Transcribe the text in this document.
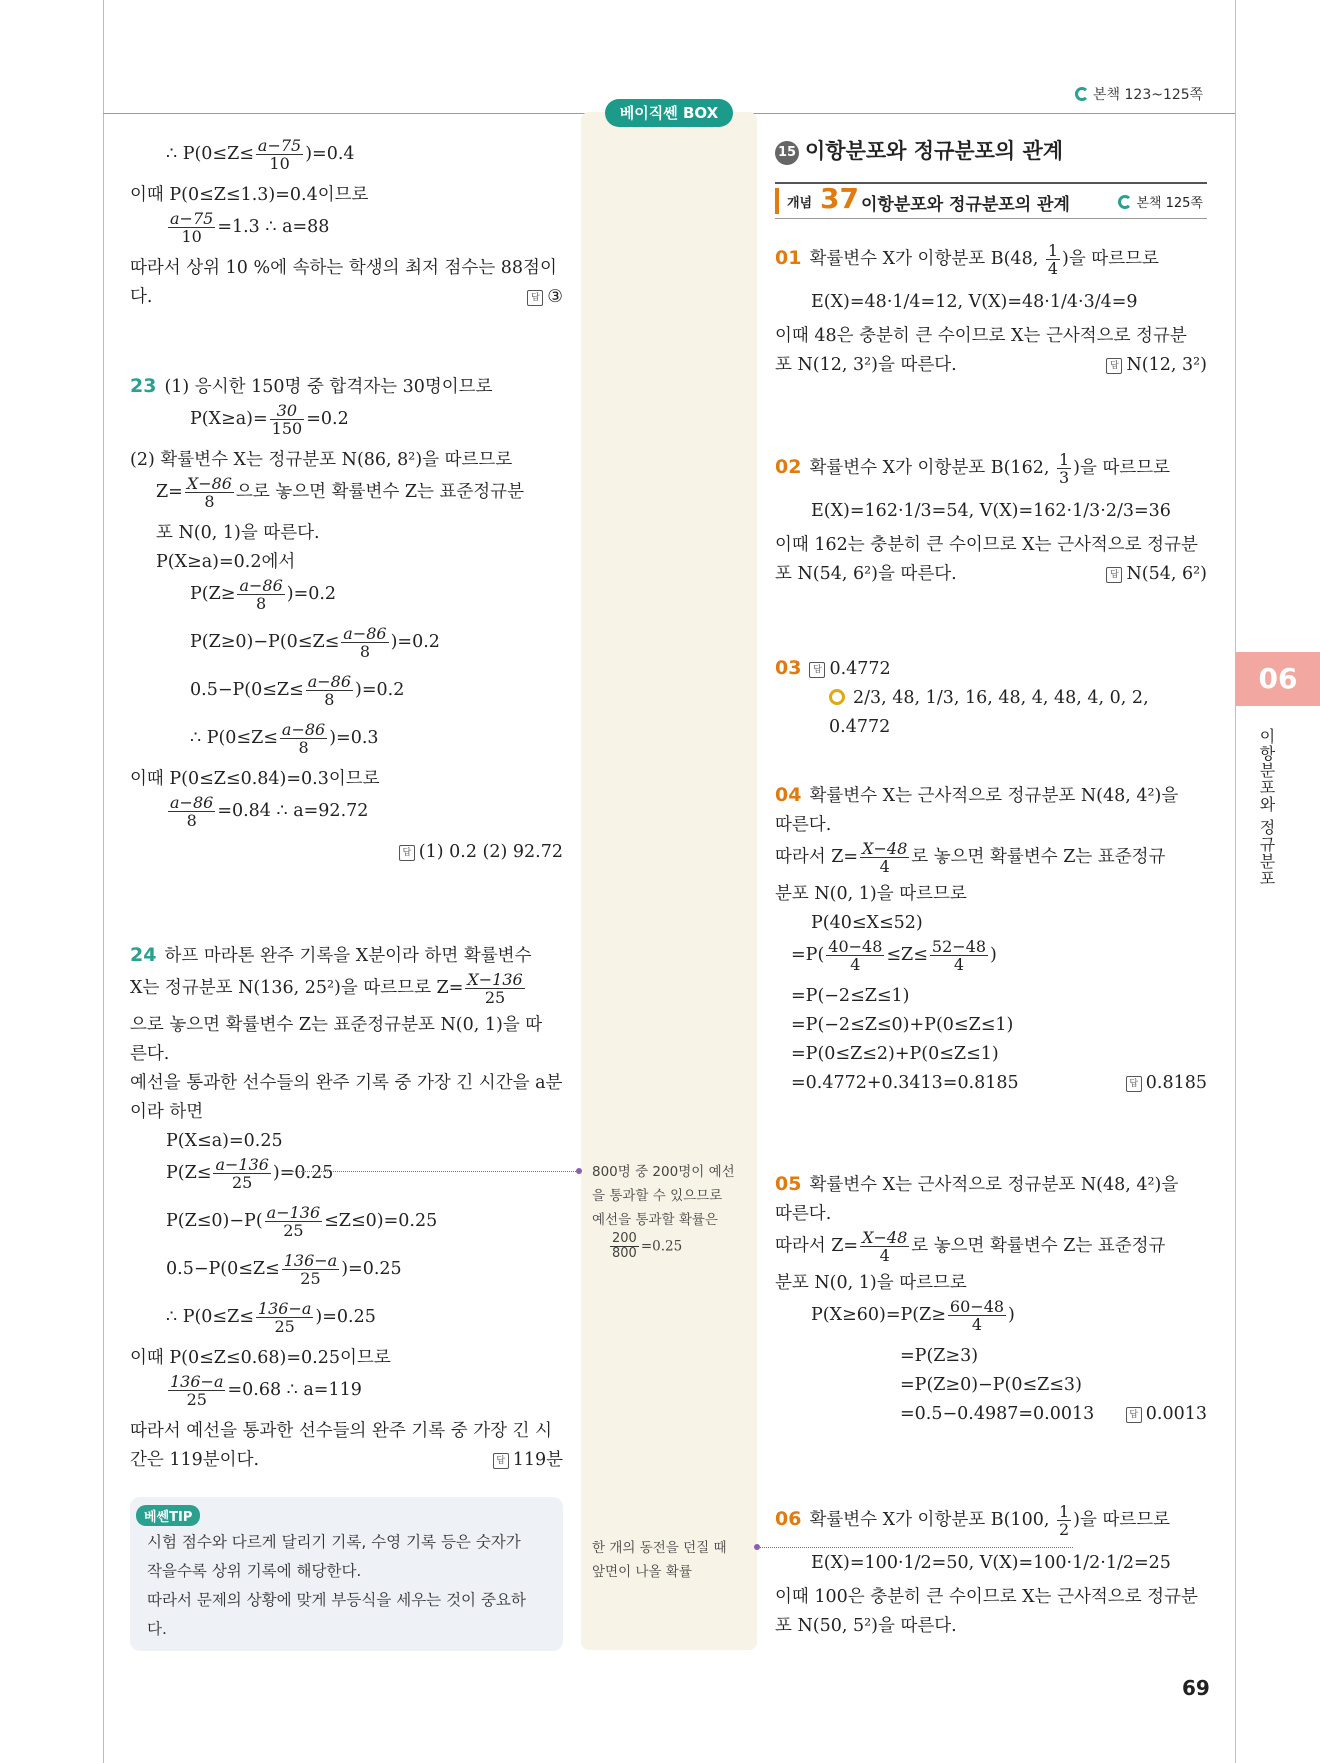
본책 123~125쪽
베이직쎈 BOX
∴ $P(0\le Z\le \frac{a-75}{10} )=0.4$
이때 P(0≤Z≤1.3)=0.4이므로
$\frac{a-75}{10} =1.3$ ∴ a=88
따라서 상위 10 %에 속하는 학생의 최저 점수는 88점이
다.	답 ③
23 (1) 응시한 150명 중 합격자는 30명이므로
$P(X\ge a)= \frac{30}{150} =0.2$
(2) 확률변수 X는 정규분포 N(86, 8²)을 따르므로
$Z= \frac{X-86}{8}$ 으로 놓으면 확률변수 Z는 표준정규분
포 N(0, 1)을 따른다.
P(X≥a)=0.2에서
$P(Z\ge \frac{a-86}{8} )=0.2$
$P(Z\ge 0)-P(0\le Z\le \frac{a-86}{8} )=0.2$
$0.5-P(0\le Z\le \frac{a-86}{8} )=0.2$
∴ $P(0\le Z\le \frac{a-86}{8} )=0.3$
이때 P(0≤Z≤0.84)=0.3이므로
$\frac{a-86}{8} =0.84$ ∴ a=92.72
답 (1) 0.2 (2) 92.72
24 하프 마라톤 완주 기록을 X분이라 하면 확률변수
X는 정규분포 N(136, 25²)을 따르므로 $Z= \frac{X-136}{25}$
으로 놓으면 확률변수 Z는 표준정규분포 N(0, 1)을 따
른다.
예선을 통과한 선수들의 완주 기록 중 가장 긴 시간을 a분
이라 하면
P(X≤a)=0.25
$P(Z\le \frac{a-136}{25} )=0.25$
$P(Z\le 0)-P( \frac{a-136}{25} \le Z\le 0)=0.25$
$0.5-P(0\le Z\le \frac{136-a}{25} )=0.25$
∴ $P(0\le Z\le \frac{136-a}{25} )=0.25$
이때 P(0≤Z≤0.68)=0.25이므로
$\frac{136-a}{25} =0.68$ ∴ a=119
따라서 예선을 통과한 선수들의 완주 기록 중 가장 긴 시
간은 119분이다.	답 119분
베쎈TIP
시험 점수와 다르게 달리기 기록, 수영 기록 등은 숫자가
작을수록 상위 기록에 해당한다.
따라서 문제의 상황에 맞게 부등식을 세우는 것이 중요하
다.
800명 중 200명이 예선
을 통과할 수 있으므로
예선을 통과할 확률은
$\frac{200}{800} =0.25$
한 개의 동전을 던질 때
앞면이 나올 확률
15 이항분포와 정규분포의 관계
개념 37 이항분포와 정규분포의 관계	본책 125쪽
01 확률변수 X가 이항분포 B(48, $\frac{1}{4}$ )을 따르므로
E(X)=48·1/4=12, V(X)=48·1/4·3/4=9
이때 48은 충분히 큰 수이므로 X는 근사적으로 정규분
포 N(12, 3²)을 따른다.	답 N(12, 3²)
02 확률변수 X가 이항분포 B(162, $\frac{1}{3}$ )을 따르므로
E(X)=162·1/3=54, V(X)=162·1/3·2/3=36
이때 162는 충분히 큰 수이므로 X는 근사적으로 정규분
포 N(54, 6²)을 따른다.	답 N(54, 6²)
03 답 0.4772
2/3, 48, 1/3, 16, 48, 4, 48, 4, 0, 2, 0.4772
04 확률변수 X는 근사적으로 정규분포 N(48, 4²)을
따른다.
따라서 $Z= \frac{X-48}{4}$ 로 놓으면 확률변수 Z는 표준정규
분포 N(0, 1)을 따르므로
P(40≤X≤52)
$=P( \frac{40-48}{4} \le Z\le \frac{52-48}{4}$ )
=P(−2≤Z≤1)
=P(−2≤Z≤0)+P(0≤Z≤1)
=P(0≤Z≤2)+P(0≤Z≤1)
=0.4772+0.3413=0.8185	답 0.8185
05 확률변수 X는 근사적으로 정규분포 N(48, 4²)을
따른다.
따라서 $Z= \frac{X-48}{4}$ 로 놓으면 확률변수 Z는 표준정규
분포 N(0, 1)을 따르므로
$P(X\ge 60)=P(Z\ge \frac{60-48}{4}$ )
=P(Z≥3)
=P(Z≥0)−P(0≤Z≤3)
=0.5−0.4987=0.0013	답 0.0013
06 확률변수 X가 이항분포 B(100, $\frac{1}{2}$ )을 따르므로
E(X)=100·1/2=50, V(X)=100·1/2·1/2=25
이때 100은 충분히 큰 수이므로 X는 근사적으로 정규분
포 N(50, 5²)을 따른다.
06
이항분포와 정규분포
69
